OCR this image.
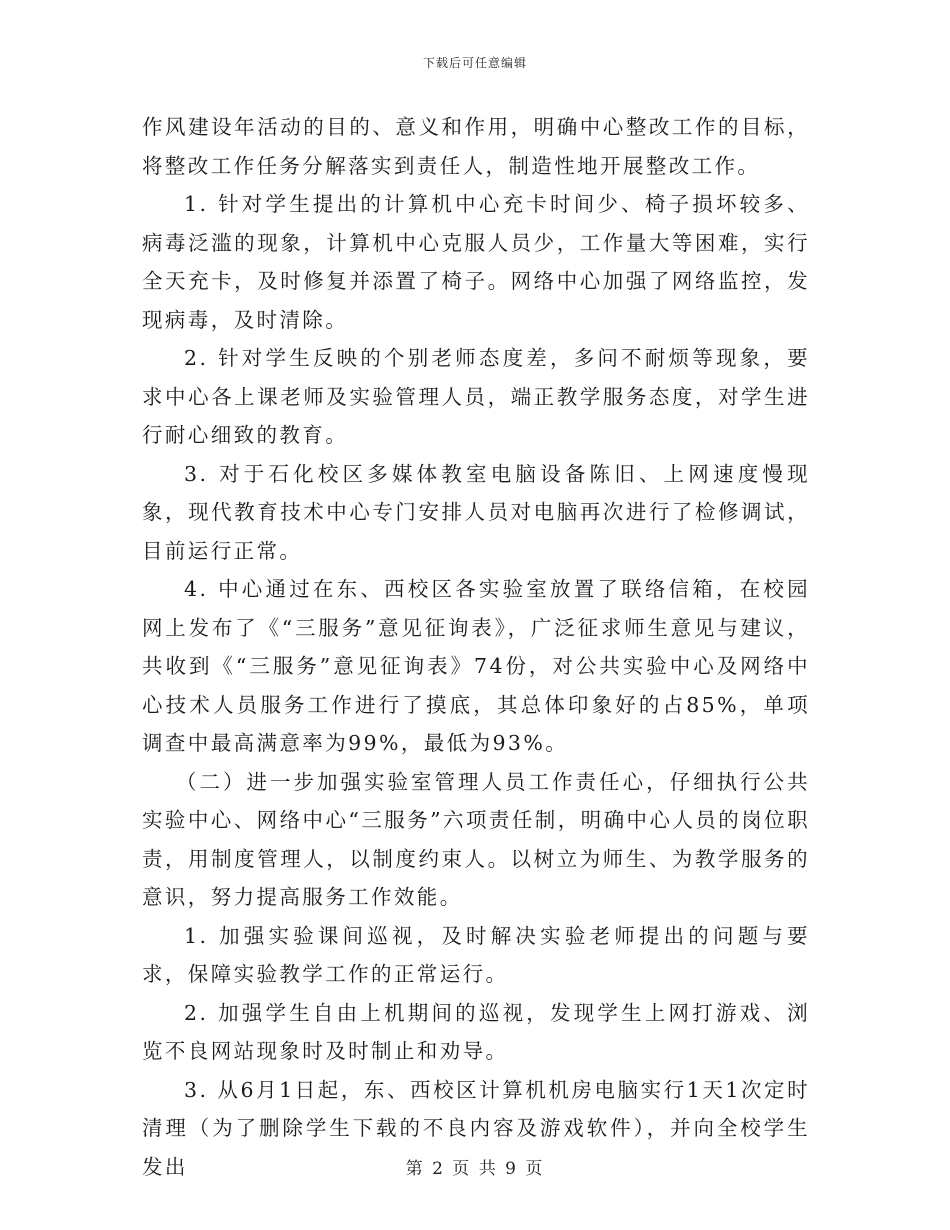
下载后可任意编辑

作风建设年活动的目的、意义和作用，明确中心整改工作的目标，将整改工作任务分解落实到责任人，制造性地开展整改工作。

1. 针对学生提出的计算机中心充卡时间少、椅子损坏较多、病毒泛滥的现象，计算机中心克服人员少，工作量大等困难，实行全天充卡，及时修复并添置了椅子。网络中心加强了网络监控，发现病毒，及时清除。

2. 针对学生反映的个别老师态度差，多问不耐烦等现象，要求中心各上课老师及实验管理人员，端正教学服务态度，对学生进行耐心细致的教育。

3. 对于石化校区多媒体教室电脑设备陈旧、上网速度慢现象，现代教育技术中心专门安排人员对电脑再次进行了检修调试，目前运行正常。

4. 中心通过在东、西校区各实验室放置了联络信箱，在校园网上发布了《“三服务”意见征询表》，广泛征求师生意见与建议，共收到《“三服务”意见征询表》74份，对公共实验中心及网络中心技术人员服务工作进行了摸底，其总体印象好的占85%，单项调查中最高满意率为99%，最低为93%。

（二）进一步加强实验室管理人员工作责任心，仔细执行公共实验中心、网络中心“三服务”六项责任制，明确中心人员的岗位职责，用制度管理人，以制度约束人。以树立为师生、为教学服务的意识，努力提高服务工作效能。

1. 加强实验课间巡视，及时解决实验老师提出的问题与要求，保障实验教学工作的正常运行。

2. 加强学生自由上机期间的巡视，发现学生上网打游戏、浏览不良网站现象时及时制止和劝导。

3. 从6月1日起，东、西校区计算机机房电脑实行1天1次定时清理（为了删除学生下载的不良内容及游戏软件），并向全校学生发出	第 2 页 共 9 页
